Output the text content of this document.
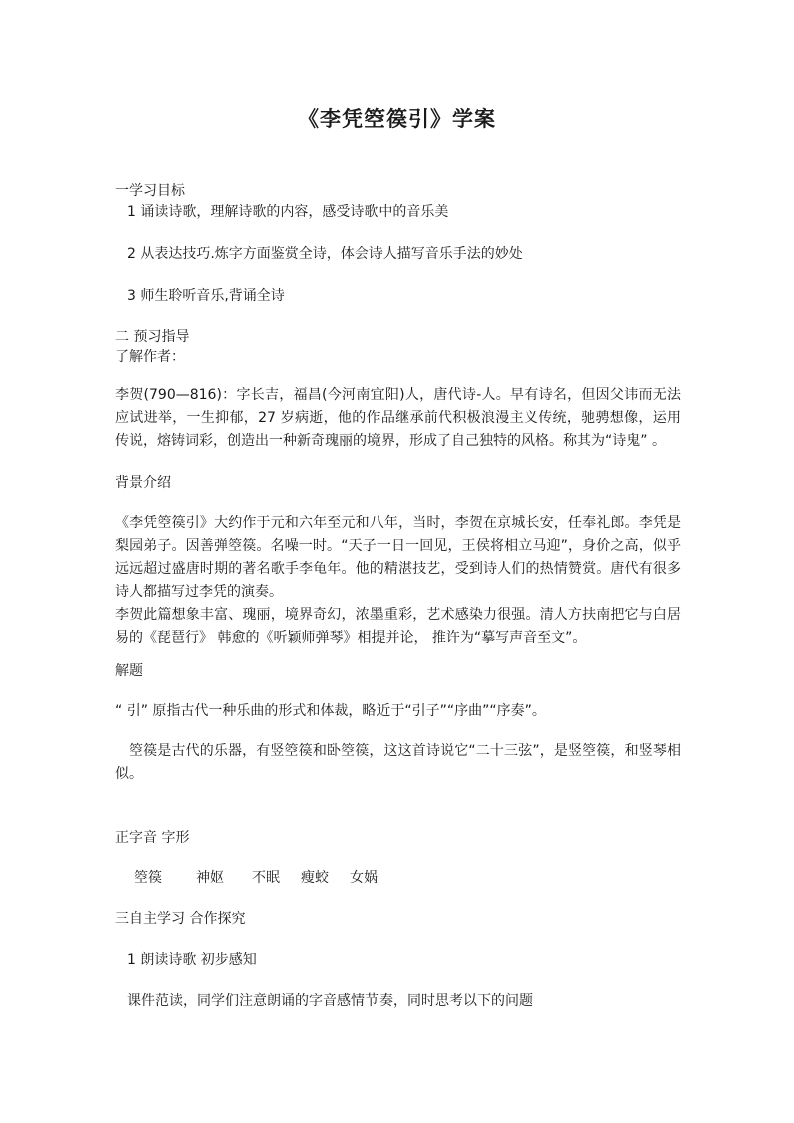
《李凭箜篌引》学案
一学习目标
1 诵读诗歌，理解诗歌的内容，感受诗歌中的音乐美
2 从表达技巧.炼字方面鉴赏全诗，体会诗人描写音乐手法的妙处
3 师生聆听音乐,背诵全诗
二 预习指导
了解作者：
李贺(790—816)：字长吉，福昌(今河南宜阳)人，唐代诗-人。早有诗名，但因父讳而无法应试进举，一生抑郁，27 岁病逝，他的作品继承前代积极浪漫主义传统，驰骋想像，运用传说，熔铸词彩，创造出一种新奇瑰丽的境界，形成了自己独特的风格。称其为“诗鬼” 。
背景介绍
《李凭箜篌引》大约作于元和六年至元和八年，当时，李贺在京城长安，任奉礼郎。李凭是梨园弟子。因善弹箜篌。名噪一时。“天子一日一回见，王侯将相立马迎”，身价之高，似乎远远超过盛唐时期的著名歌手李龟年。他的精湛技艺，受到诗人们的热情赞赏。唐代有很多诗人都描写过李凭的演奏。
李贺此篇想象丰富、瑰丽，境界奇幻，浓墨重彩，艺术感染力很强。清人方扶南把它与白居易的《琵琶行》 韩愈的《听颖师弹琴》相提并论， 推许为“摹写声音至文”。
解题
“ 引” 原指古代一种乐曲的形式和体裁，略近于“引子”“序曲”“序奏”。
箜篌是古代的乐器，有竖箜篌和卧箜篌，这这首诗说它“二十三弦”，是竖箜篌，和竖琴相似。
正字音 字形
箜篌 神妪 不眠 瘦蛟 女娲
三自主学习 合作探究
1 朗读诗歌 初步感知
课件范读，同学们注意朗诵的字音感情节奏，同时思考以下的问题
